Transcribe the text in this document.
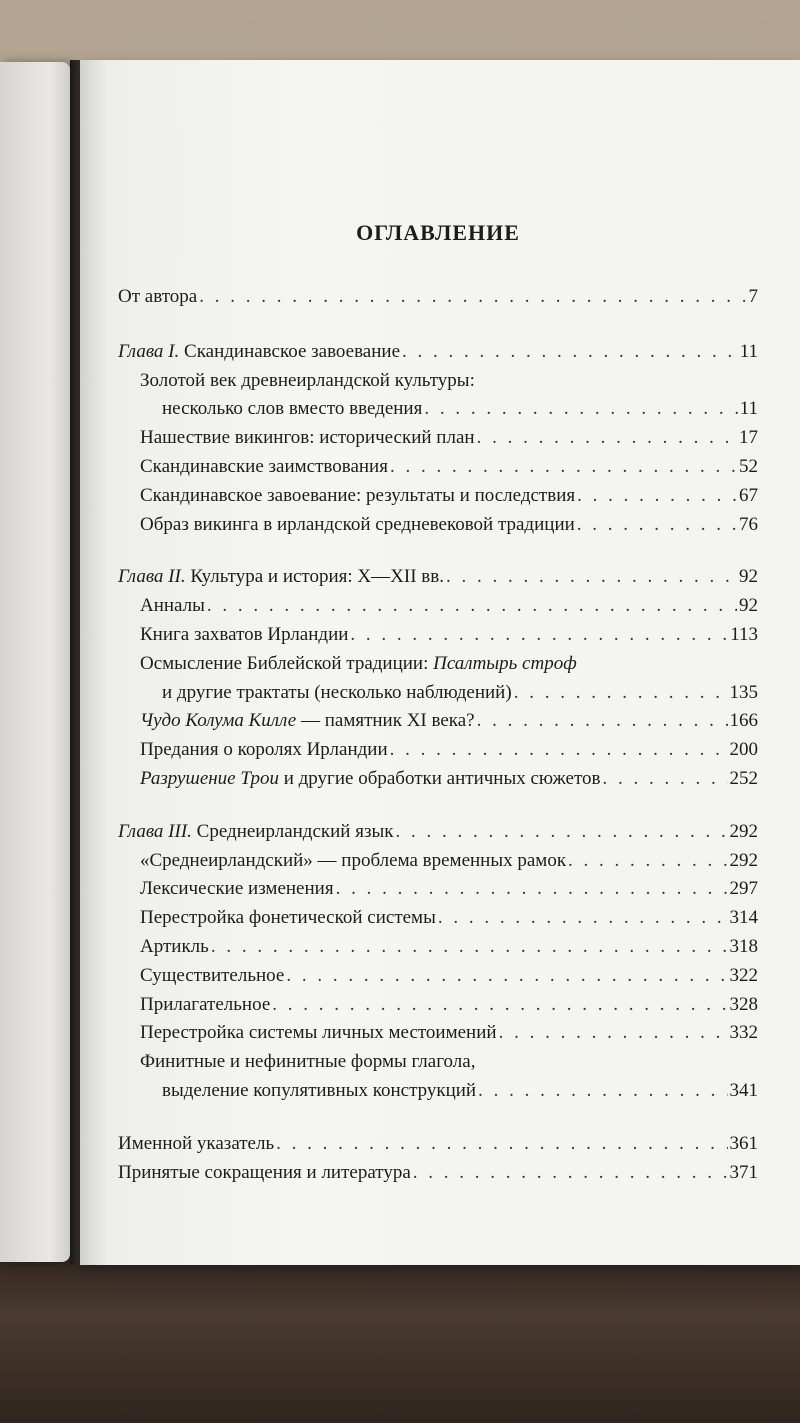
ОГЛАВЛЕНИЕ
От автора . . .	7
Глава I. Скандинавское завоевание . . .	11
Золотой век древнеирландской культуры:
несколько слов вместо введения . . .	11
Нашествие викингов: исторический план . . .	17
Скандинавские заимствования . . .	52
Скандинавское завоевание: результаты и последствия . . .	67
Образ викинга в ирландской средневековой традиции . . .	76
Глава II. Культура и история: X—XII вв. . . .	92
Анналы . . .	92
Книга захватов Ирландии . . .	113
Осмысление Библейской традиции: Псалтырь строф
и другие трактаты (несколько наблюдений) . . .	135
Чудо Колума Килле — памятник XI века? . . .	166
Предания о королях Ирландии . . .	200
Разрушение Трои и другие обработки античных сюжетов . . .	252
Глава III. Среднеирландский язык . . .	292
«Среднеирландский» — проблема временных рамок . . .	292
Лексические изменения . . .	297
Перестройка фонетической системы . . .	314
Артикль . . .	318
Существительное . . .	322
Прилагательное . . .	328
Перестройка системы личных местоимений . . .	332
Финитные и нефинитные формы глагола,
выделение копулятивных конструкций . . .	341
Именной указатель . . .	361
Принятые сокращения и литература . . .	371
